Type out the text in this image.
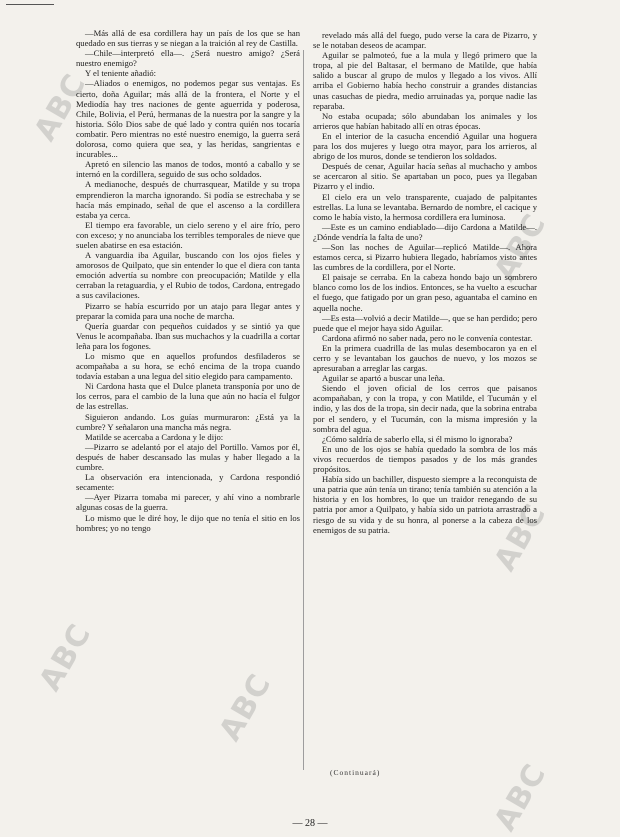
ABC
ABC
ABC
ABC
ABC
ABC

—Más allá de esa cordillera hay un país de los que se han quedado en sus tierras y se niegan a la traición al rey de Castilla.

—Chile—interpretó ella—. ¿Será nuestro amigo? ¿Será nuestro enemigo?

Y el teniente añadió:

—Aliados o enemigos, no podemos pegar sus ventajas. Es cierto, doña Aguilar; más allá de la frontera, el Norte y el Mediodía hay tres naciones de gente aguerrida y poderosa, Chile, Bolivia, el Perú, hermanas de la nuestra por la sangre y la historia. Sólo Dios sabe de qué lado y contra quién nos tocaría combatir. Pero mientras no esté nuestro enemigo, la guerra será dolorosa, como quiera que sea, y las heridas, sangrientas e incurables...

Apretó en silencio las manos de todos, montó a caballo y se internó en la cordillera, seguido de sus ocho soldados.

A medianoche, después de churrasquear, Matilde y su tropa emprendieron la marcha ignorando. Si podía se estrechaba y se hacía más empinado, señal de que el ascenso a la cordillera estaba ya cerca.

El tiempo era favorable, un cielo sereno y el aire frío, pero con exceso; y no anunciaba los terribles temporales de nieve que suelen abatirse en esa estación.

A vanguardia iba Aguilar, buscando con los ojos fieles y amorosos de Quilpato, que sin entender lo que el diera con tanta emoción advertía su nombre con preocupación; Matilde y ella cerraban la retaguardia, y el Rubio de todos, Cardona, entregado a sus cavilaciones.

Pizarro se había escurrido por un atajo para llegar antes y preparar la comida para una noche de marcha.

Quería guardar con pequeños cuidados y se sintió ya que Venus le acompañaba. Iban sus muchachos y la cuadrilla a cortar leña para los fogones.

Lo mismo que en aquellos profundos desfiladeros se acompañaba a su hora, se echó encima de la tropa cuando todavía estaban a una legua del sitio elegido para campamento.

Ni Cardona hasta que el Dulce planeta transponía por uno de los cerros, para el cambio de la luna que aún no hacía el fulgor de las estrellas.

Siguieron andando. Los guías murmuraron: ¿Está ya la cumbre? Y señalaron una mancha más negra.

Matilde se acercaba a Cardona y le dijo:

—Pizarro se adelantó por el atajo del Portillo. Vamos por él, después de haber descansado las mulas y haber llegado a la cumbre.

La observación era intencionada, y Cardona respondió secamente:

—Ayer Pizarra tomaba mi parecer, y ahí vino a nombrarle algunas cosas de la guerra.

Lo mismo que le diré hoy, le dijo que no tenía el sitio en los hombres; yo no tengo

revelado más allá del fuego, pudo verse la cara de Pizarro, y se le notaban deseos de acampar.

Aguilar se palmoteó, fue a la mula y llegó primero que la tropa, al pie del Baltasar, el bermano de Matilde, que había salido a buscar al grupo de mulos y llegado a los vivos. Allí arriba el Gobierno había hecho construir a grandes distancias unas casuchas de piedra, medio arruinadas ya, porque nadie las reparaba.

No estaba ocupada; sólo abundaban los animales y los arrieros que habían habitado allí en otras épocas.

En el interior de la casucha encendió Aguilar una hoguera para los dos mujeres y luego otra mayor, para los arrieros, al abrigo de los muros, donde se tendieron los soldados.

Después de cenar, Aguilar hacía señas al muchacho y ambos se acercaron al sitio. Se apartaban un poco, pues ya llegaban Pizarro y el indio.

El cielo era un velo transparente, cuajado de palpitantes estrellas. La luna se levantaba. Bernardo de nombre, el cacique y como le había visto, la hermosa cordillera era luminosa.

—Este es un camino endiablado—dijo Cardona a Matilde—. ¿Dónde vendría la falta de uno?

—Son las noches de Aguilar—replicó Matilde—. Ahora estamos cerca, si Pizarro hubiera llegado, habríamos visto antes las cumbres de la cordillera, por el Norte.

El paisaje se cerraba. En la cabeza hondo bajo un sombrero blanco como los de los indios. Entonces, se ha vuelto a escuchar el fuego, que fatigado por un gran peso, aguantaba el camino en aquella noche.

—Es esta—volvió a decir Matilde—, que se han perdido; pero puede que el mejor haya sido Aguilar.

Cardona afirmó no saber nada, pero no le convenía contestar.

En la primera cuadrilla de las mulas desembocaron ya en el cerro y se levantaban los gauchos de nuevo, y los mozos se apresuraban a arreglar las cargas.

Aguilar se apartó a buscar una leña.

Siendo el joven oficial de los cerros que paisanos acompañaban, y con la tropa, y con Matilde, el Tucumán y el indio, y las dos de la tropa, sin decir nada, que la sobrina entraba por el sendero, y el Tucumán, con la misma impresión y la sombra del agua.

¿Cómo saldría de saberlo ella, si él mismo lo ignoraba?

En uno de los ojos se había quedado la sombra de los más vivos recuerdos de tiempos pasados y de los más grandes propósitos.

Había sido un bachiller, dispuesto siempre a la reconquista de una patria que aún tenía un tirano; tenía también su atención a la historia y en los hombres, lo que un traidor renegando de su patria por amor a Quilpato, y había sido un patriota arrastrado a riesgo de su vida y de su honra, al ponerse a la cabeza de los enemigos de su patria.

(Continuará)
— 28 —
